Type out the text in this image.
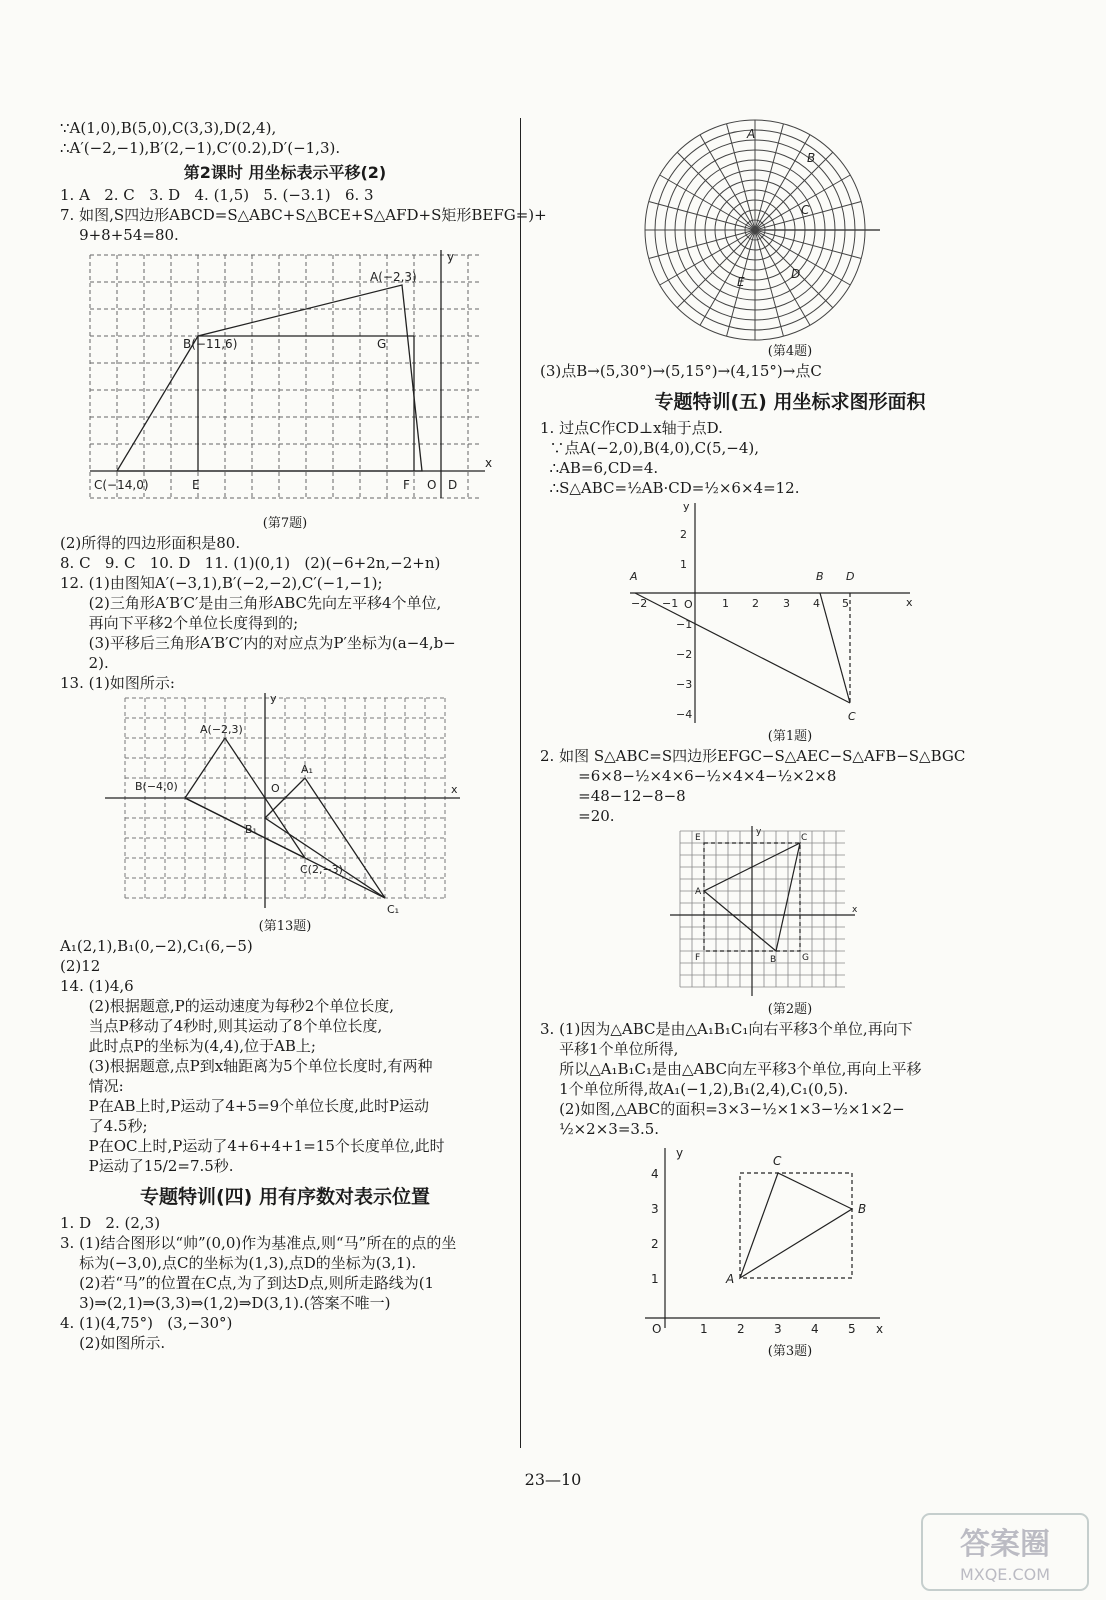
∵A(1,0),B(5,0),C(3,3),D(2,4),
∴A′(−2,−1),B′(2,−1),C′(0.2),D′(−1,3).
第2课时 用坐标表示平移(2)
1. A   2. C   3. D   4. (1,5)   5. (−3.1)   6. 3
7. 如图,S四边形ABCD=S△ABC+S△BCE+S△AFD+S矩形BEFG=)+
9+8+54=80.
A(−2,3)
B(−11,6)
C(−14,0)	E
G
F O D
x
y
(第7题)
(2)所得的四边形面积是80.
8. C   9. C   10. D   11. (1)(0,1)   (2)(−6+2n,−2+n)
12. (1)由图知A′(−3,1),B′(−2,−2),C′(−1,−1);
(2)三角形A′B′C′是由三角形ABC先向左平移4个单位,
再向下平移2个单位长度得到的;
(3)平移后三角形A′B′C′内的对应点为P′坐标为(a−4,b−
2).
13. (1)如图所示:
A(−2,3)
B(−4,0)
C(2,−3)
C₁
O	x
y
A₁
B₁
(第13题)
A₁(2,1),B₁(0,−2),C₁(6,−5)
(2)12
14. (1)4,6
(2)根据题意,P的运动速度为每秒2个单位长度,
当点P移动了4秒时,则其运动了8个单位长度,
此时点P的坐标为(4,4),位于AB上;
(3)根据题意,点P到x轴距离为5个单位长度时,有两种
情况:
P在AB上时,P运动了4+5=9个单位长度,此时P运动
了4.5秒;
P在OC上时,P运动了4+6+4+1=15个长度单位,此时
P运动了15/2=7.5秒.
专题特训(四) 用有序数对表示位置
1. D   2. (2,3)
3. (1)结合图形以“帅”(0,0)作为基准点,则“马”所在的点的坐
标为(−3,0),点C的坐标为(1,3),点D的坐标为(3,1).
(2)若“马”的位置在C点,为了到达D点,则所走路线为(1
3)⇒(2,1)⇒(3,3)⇒(1,2)⇒D(3,1).(答案不唯一)
4. (1)(4,75°)   (3,−30°)
(2)如图所示.
A
B
C
D
E
(第4题)
(3)点B→(5,30°)→(5,15°)→(4,15°)→点C
专题特训(五) 用坐标求图形面积
1. 过点C作CD⊥x轴于点D.
∵点A(−2,0),B(4,0),C(5,−4),
∴AB=6,CD=4.
∴S△ABC=½AB·CD=½×6×4=12.
A	B D
C
O	x
y
−2 −1	1 2 3 4 5
2
1
−1
−2
−3
−4
(第1题)
2. 如图 S△ABC=S四边形EFGC−S△AEC−S△AFB−S△BGC
=6×8−½×4×6−½×4×4−½×2×8
=48−12−8−8
=20.
E	C
A
B
F	G
y
x
(第2题)
3. (1)因为△ABC是由△A₁B₁C₁向右平移3个单位,再向下
平移1个单位所得,
所以△A₁B₁C₁是由△ABC向左平移3个单位,再向上平移
1个单位所得,故A₁(−1,2),B₁(2,4),C₁(0,5).
(2)如图,△ABC的面积=3×3−½×1×3−½×1×2−
½×2×3=3.5.
A
B
C
O	x
y
1 2 3 4 5
1
2
3
4
(第3题)
23—10
答案圈
MXQE.COM
